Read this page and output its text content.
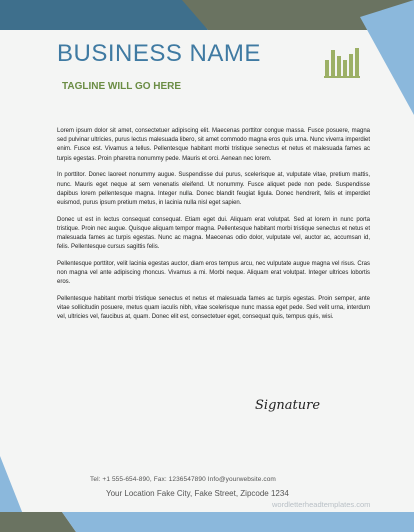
BUSINESS NAME
TAGLINE WILL GO HERE

Lorem ipsum dolor sit amet, consectetuer adipiscing elit. Maecenas porttitor congue massa. Fusce posuere, magna sed pulvinar ultricies, purus lectus malesuada libero, sit amet commodo magna eros quis urna. Nunc viverra imperdiet enim. Fusce est. Vivamus a tellus. Pellentesque habitant morbi tristique senectus et netus et malesuada fames ac turpis egestas. Proin pharetra nonummy pede. Mauris et orci. Aenean nec lorem.

In porttitor. Donec laoreet nonummy augue. Suspendisse dui purus, scelerisque at, vulputate vitae, pretium mattis, nunc. Mauris eget neque at sem venenatis eleifend. Ut nonummy. Fusce aliquet pede non pede. Suspendisse dapibus lorem pellentesque magna. Integer nulla. Donec blandit feugiat ligula. Donec hendrerit, felis et imperdiet euismod, purus ipsum pretium metus, in lacinia nulla nisl eget sapien.

Donec ut est in lectus consequat consequat. Etiam eget dui. Aliquam erat volutpat. Sed at lorem in nunc porta tristique. Proin nec augue. Quisque aliquam tempor magna. Pellentesque habitant morbi tristique senectus et netus et malesuada fames ac turpis egestas. Nunc ac magna. Maecenas odio dolor, vulputate vel, auctor ac, accumsan id, felis. Pellentesque cursus sagittis felis.

Pellentesque porttitor, velit lacinia egestas auctor, diam eros tempus arcu, nec vulputate augue magna vel risus. Cras non magna vel ante adipiscing rhoncus. Vivamus a mi. Morbi neque. Aliquam erat volutpat. Integer ultrices lobortis eros.

Pellentesque habitant morbi tristique senectus et netus et malesuada fames ac turpis egestas. Proin semper, ante vitae sollicitudin posuere, metus quam iaculis nibh, vitae scelerisque nunc massa eget pede. Sed velit urna, interdum vel, ultricies vel, faucibus at, quam. Donec elit est, consectetuer eget, consequat quis, tempus quis, wisi.

Signature
Tel: +1 555-654-890, Fax: 1236547890 Info@yourwebsite.com
Your Location Fake City, Fake Street, Zipcode 1234
wordletterheadtemplates.com
